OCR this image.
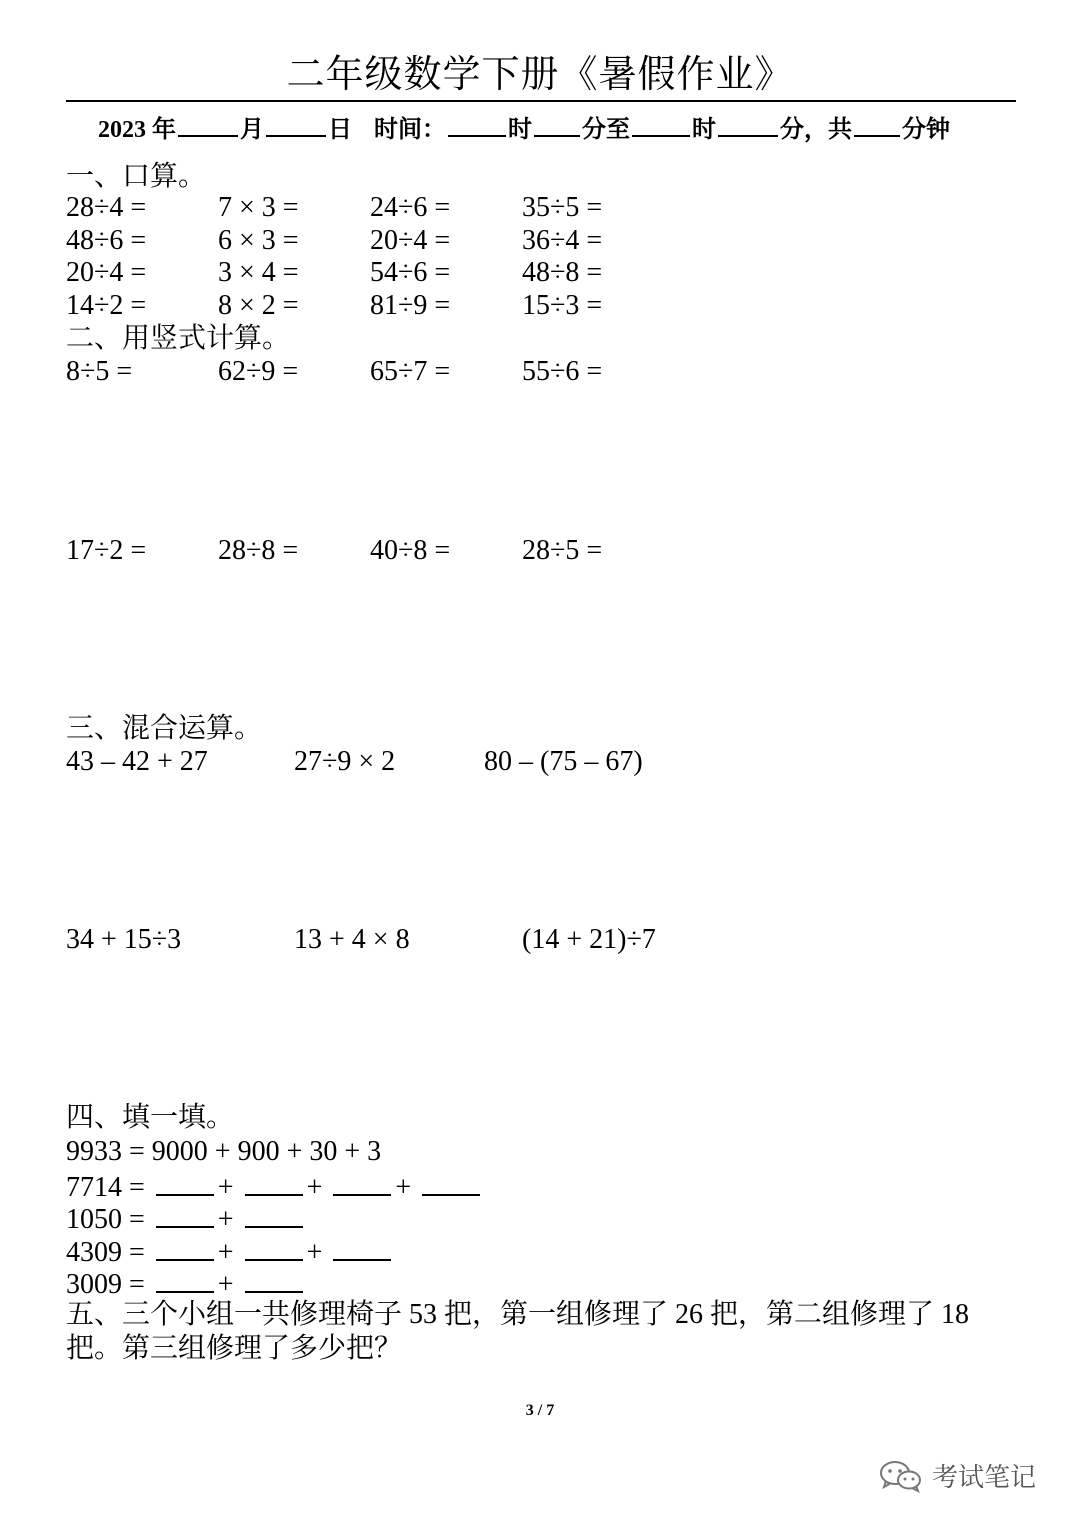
二年级数学下册《暑假作业》
2023 年	月	日 时间：	时 分至	时	分，共 分钟
一、口算。
28÷4 =	7 × 3 =	24÷6 =	35÷5 =
48÷6 =	6 × 3 =	20÷4 =	36÷4 =
20÷4 =	3 × 4 =	54÷6 =	48÷8 =
14÷2 =	8 × 2 =	81÷9 =	15÷3 =
二、用竖式计算。
8÷5 =	62÷9 =	65÷7 =	55÷6 =
17÷2 =	28÷8 =	40÷8 =	28÷5 =
三、混合运算。
43 – 42 + 27	27÷9 × 2	80 – (75 – 67)
34 + 15÷3	13 + 4 × 8	(14 + 21)÷7
四、填一填。
9933 = 9000 + 900 + 30 + 3
7714 =	+	+	+
1050 =	+
4309 =	+	+
3009 =	+
五、三个小组一共修理椅子 53 把，第一组修理了 26 把，第二组修理了 18 把。第三组修理了多少把？
3 / 7
考试笔记
